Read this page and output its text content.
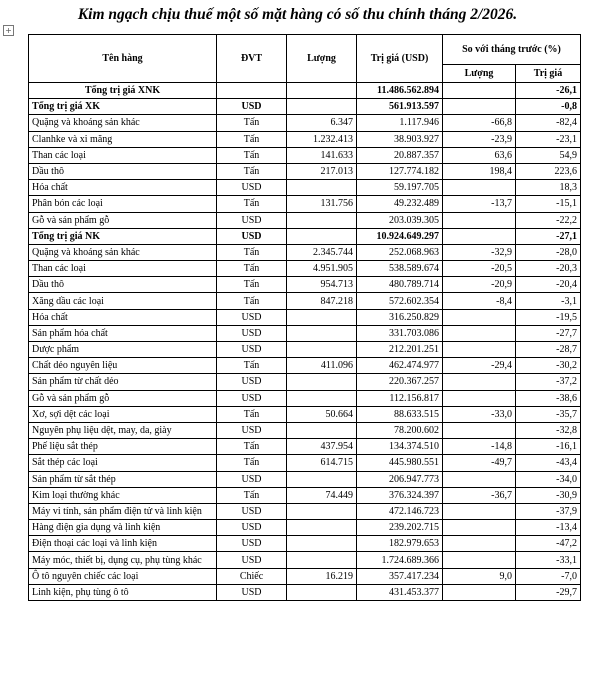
Kim ngạch chịu thuế một số mặt hàng có số thu chính tháng 2/2026.
+
Tên hàng	ĐVT	Lượng	Trị giá (USD)	So với tháng trước (%)	
				Lượng	Trị giá
Tổng trị giá XNK			11.486.562.894		-26,1
Tổng trị giá XK	USD		561.913.597		-0,8
Quặng và khoáng sản khác	Tấn	6.347	1.117.946	-66,8	-82,4
Clanhke và xi măng	Tấn	1.232.413	38.903.927	-23,9	-23,1
Than các loại	Tấn	141.633	20.887.357	63,6	54,9
Dầu thô	Tấn	217.013	127.774.182	198,4	223,6
Hóa chất	USD		59.197.705		18,3
Phân bón các loại	Tấn	131.756	49.232.489	-13,7	-15,1
Gỗ và sản phẩm gỗ	USD		203.039.305		-22,2
Tổng trị giá NK	USD		10.924.649.297		-27,1
Quặng và khoáng sản khác	Tấn	2.345.744	252.068.963	-32,9	-28,0
Than các loại	Tấn	4.951.905	538.589.674	-20,5	-20,3
Dầu thô	Tấn	954.713	480.789.714	-20,9	-20,4
Xăng dầu các loại	Tấn	847.218	572.602.354	-8,4	-3,1
Hóa chất	USD		316.250.829		-19,5
Sản phẩm hóa chất	USD		331.703.086		-27,7
Dược phẩm	USD		212.201.251		-28,7
Chất dẻo nguyên liệu	Tấn	411.096	462.474.977	-29,4	-30,2
Sản phẩm từ chất dẻo	USD		220.367.257		-37,2
Gỗ và sản phẩm gỗ	USD		112.156.817		-38,6
Xơ, sợi dệt các loại	Tấn	50.664	88.633.515	-33,0	-35,7
Nguyên phụ liệu dệt, may, da, giày	USD		78.200.602		-32,8
Phế liệu sắt thép	Tấn	437.954	134.374.510	-14,8	-16,1
Sắt thép các loại	Tấn	614.715	445.980.551	-49,7	-43,4
Sản phẩm từ sắt thép	USD		206.947.773		-34,0
Kim loại thường khác	Tấn	74.449	376.324.397	-36,7	-30,9
Máy vi tính, sản phẩm điện tử và linh kiện	USD		472.146.723		-37,9
Hàng điện gia dụng và linh kiện	USD		239.202.715		-13,4
Điện thoại các loại và linh kiện	USD		182.979.653		-47,2
Máy móc, thiết bị, dụng cụ, phụ tùng khác	USD		1.724.689.366		-33,1
Ô tô nguyên chiếc các loại	Chiếc	16.219	357.417.234	9,0	-7,0
Linh kiện, phụ tùng ô tô	USD		431.453.377		-29,7
